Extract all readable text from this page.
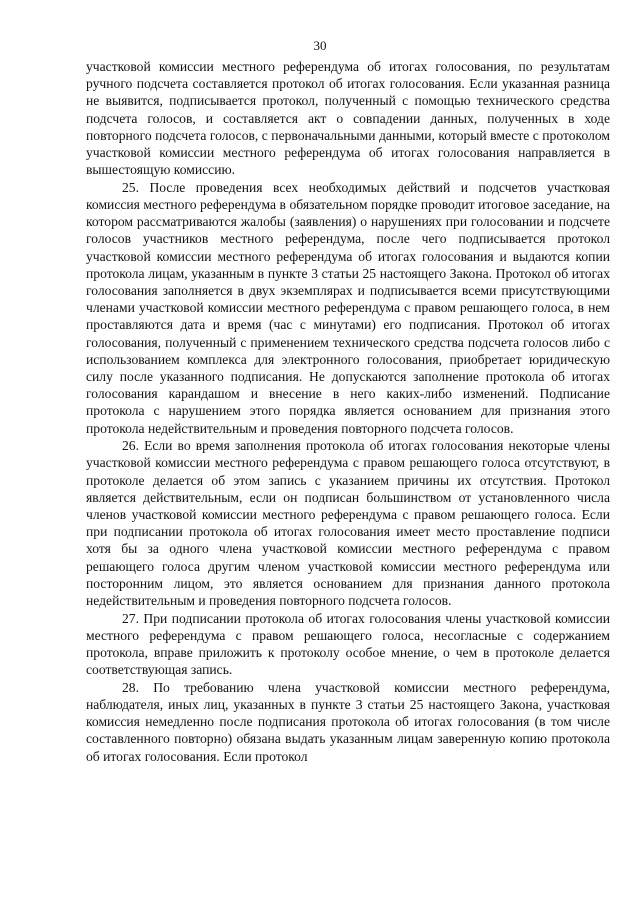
30

участковой комиссии местного референдума об итогах голосования, по результатам ручного подсчета составляется протокол об итогах голосования. Если указанная разница не выявится, подписывается протокол, полученный с помощью технического средства подсчета голосов, и составляется акт о совпадении данных, полученных в ходе повторного подсчета голосов, с первоначальными данными, который вместе с протоколом участковой комиссии местного референдума об итогах голосования направляется в вышестоящую комиссию.

25. После проведения всех необходимых действий и подсчетов участковая комиссия местного референдума в обязательном порядке проводит итоговое заседание, на котором рассматриваются жалобы (заявления) о нарушениях при голосовании и подсчете голосов участников местного референдума, после чего подписывается протокол участковой комиссии местного референдума об итогах голосования и выдаются копии протокола лицам, указанным в пункте 3 статьи 25 настоящего Закона. Протокол об итогах голосования заполняется в двух экземплярах и подписывается всеми присутствующими членами участковой комиссии местного референдума с правом решающего голоса, в нем проставляются дата и время (час с минутами) его подписания. Протокол об итогах голосования, полученный с применением технического средства подсчета голосов либо с использованием комплекса для электронного голосования, приобретает юридическую силу после указанного подписания. Не допускаются заполнение протокола об итогах голосования карандашом и внесение в него каких-либо изменений. Подписание протокола с нарушением этого порядка является основанием для признания этого протокола недействительным и проведения повторного подсчета голосов.

26. Если во время заполнения протокола об итогах голосования некоторые члены участковой комиссии местного референдума с правом решающего голоса отсутствуют, в протоколе делается об этом запись с указанием причины их отсутствия. Протокол является действительным, если он подписан большинством от установленного числа членов участковой комиссии местного референдума с правом решающего голоса. Если при подписании протокола об итогах голосования имеет место проставление подписи хотя бы за одного члена участковой комиссии местного референдума с правом решающего голоса другим членом участковой комиссии местного референдума или посторонним лицом, это является основанием для признания данного протокола недействительным и проведения повторного подсчета голосов.

27. При подписании протокола об итогах голосования члены участковой комиссии местного референдума с правом решающего голоса, несогласные с содержанием протокола, вправе приложить к протоколу особое мнение, о чем в протоколе делается соответствующая запись.

28. По требованию члена участковой комиссии местного референдума, наблюдателя, иных лиц, указанных в пункте 3 статьи 25 настоящего Закона, участковая комиссия немедленно после подписания протокола об итогах голосования (в том числе составленного повторно) обязана выдать указанным лицам заверенную копию протокола об итогах голосования. Если протокол
